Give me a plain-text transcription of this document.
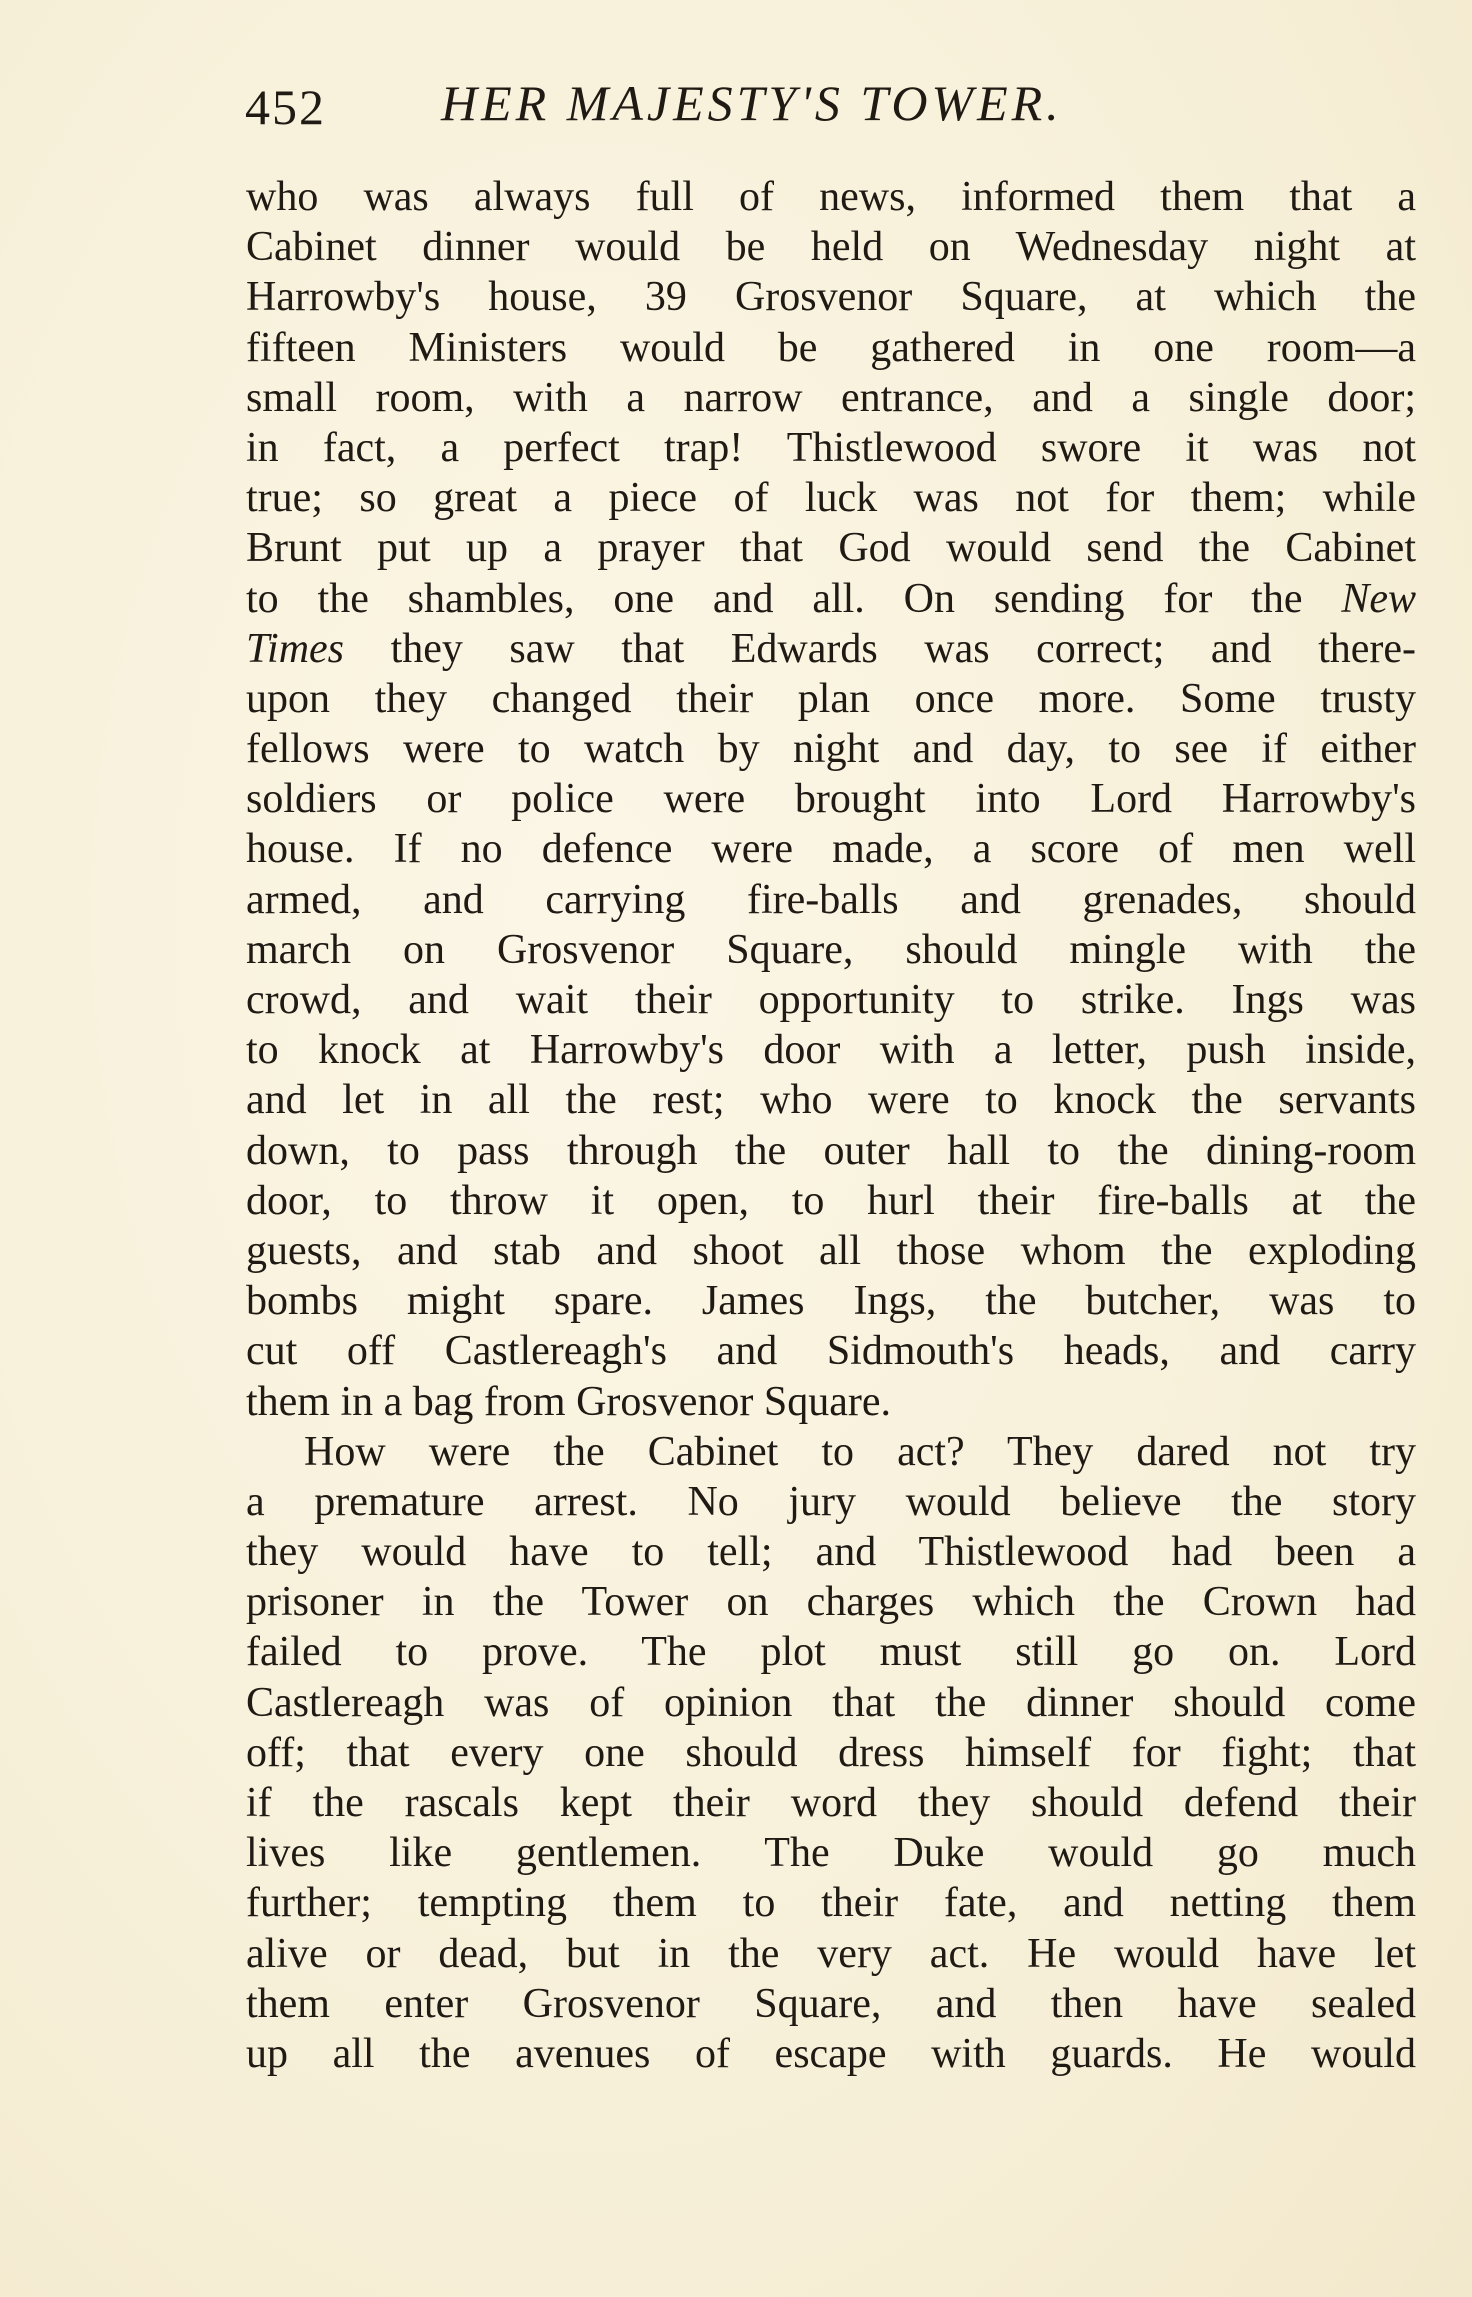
452 HER MAJESTY'S TOWER.
who was always full of news, informed them that a
Cabinet dinner would be held on Wednesday night at
Harrowby's house, 39 Grosvenor Square, at which the
fifteen Ministers would be gathered in one room—a
small room, with a narrow entrance, and a single door;
in fact, a perfect trap! Thistlewood swore it was not
true; so great a piece of luck was not for them; while
Brunt put up a prayer that God would send the Cabinet
to the shambles, one and all. On sending for the New
Times they saw that Edwards was correct; and there-
upon they changed their plan once more. Some trusty
fellows were to watch by night and day, to see if either
soldiers or police were brought into Lord Harrowby's
house. If no defence were made, a score of men well
armed, and carrying fire-balls and grenades, should
march on Grosvenor Square, should mingle with the
crowd, and wait their opportunity to strike. Ings was
to knock at Harrowby's door with a letter, push inside,
and let in all the rest; who were to knock the servants
down, to pass through the outer hall to the dining-room
door, to throw it open, to hurl their fire-balls at the
guests, and stab and shoot all those whom the exploding
bombs might spare. James Ings, the butcher, was to
cut off Castlereagh's and Sidmouth's heads, and carry
them in a bag from Grosvenor Square.
How were the Cabinet to act? They dared not try
a premature arrest. No jury would believe the story
they would have to tell; and Thistlewood had been a
prisoner in the Tower on charges which the Crown had
failed to prove. The plot must still go on. Lord
Castlereagh was of opinion that the dinner should come
off; that every one should dress himself for fight; that
if the rascals kept their word they should defend their
lives like gentlemen. The Duke would go much
further; tempting them to their fate, and netting them
alive or dead, but in the very act. He would have let
them enter Grosvenor Square, and then have sealed
up all the avenues of escape with guards. He would
